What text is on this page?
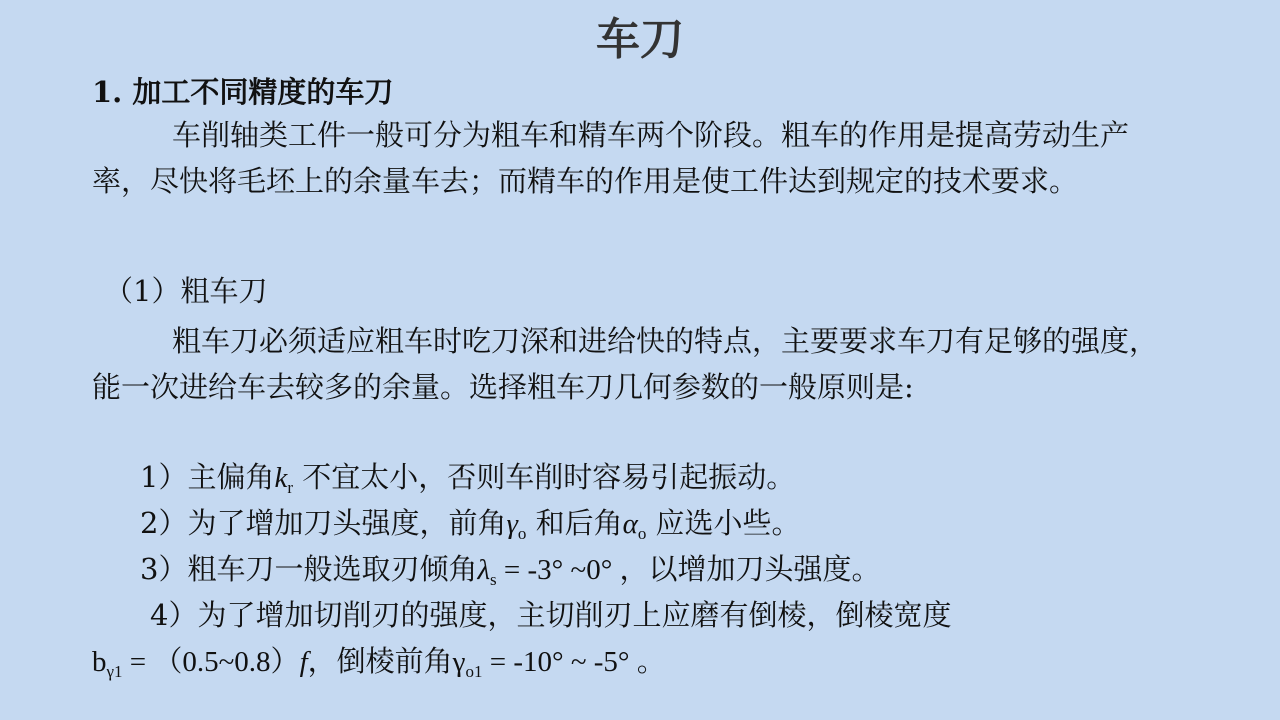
车刀
1. 加工不同精度的车刀
车削轴类工件一般可分为粗车和精车两个阶段。粗车的作用是提高劳动生产率，尽快将毛坯上的余量车去；而精车的作用是使工件达到规定的技术要求。
（1）粗车刀
粗车刀必须适应粗车时吃刀深和进给快的特点，主要要求车刀有足够的强度，能一次进给车去较多的余量。选择粗车刀几何参数的一般原则是:
1）主偏角$k_r$ 不宜太小，否则车削时容易引起振动。
2）为了增加刀头强度，前角$\gamma_o$ 和后角$\alpha_o$ 应选小些。
3）粗车刀一般选取刃倾角$\lambda_s = -3^\circ$ ~0° ，以增加刀头强度。
4）为了增加切削刃的强度，主切削刃上应磨有倒棱，倒棱宽度
$b_{\gamma 1}$ = （0.5~0.8）f，倒棱前角$\gamma_{o1} = -10^\circ$ ~ -5° 。
